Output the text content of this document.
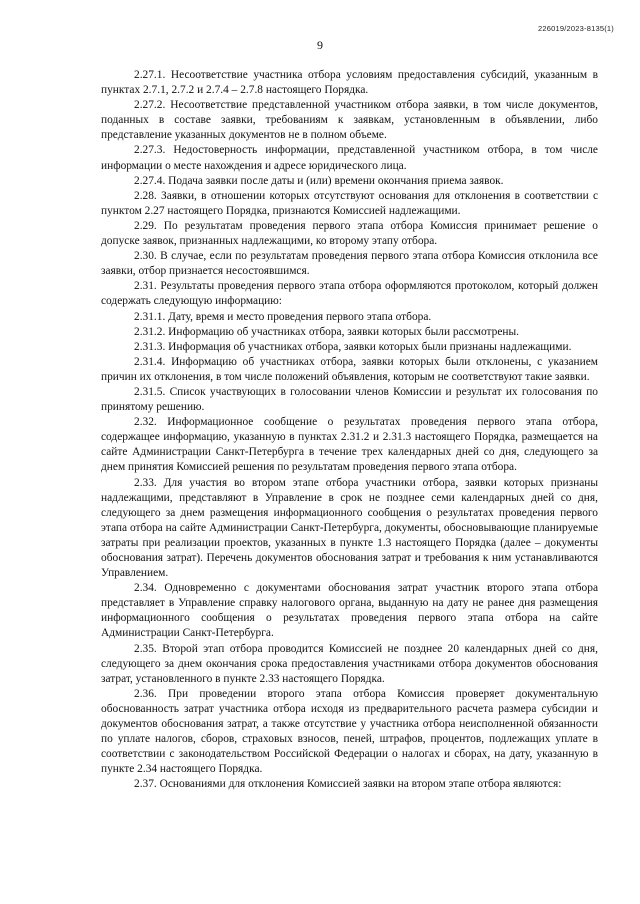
226019/2023-8135(1)
9

2.27.1. Несоответствие участника отбора условиям предоставления субсидий, указанным в пунктах 2.7.1, 2.7.2 и 2.7.4 – 2.7.8 настоящего Порядка.

2.27.2. Несоответствие представленной участником отбора заявки, в том числе документов, поданных в составе заявки, требованиям к заявкам, установленным в объявлении, либо представление указанных документов не в полном объеме.

2.27.3. Недостоверность информации, представленной участником отбора, в том числе информации о месте нахождения и адресе юридического лица.

2.27.4. Подача заявки после даты и (или) времени окончания приема заявок.

2.28. Заявки, в отношении которых отсутствуют основания для отклонения в соответствии с пунктом 2.27 настоящего Порядка, признаются Комиссией надлежащими.

2.29. По результатам проведения первого этапа отбора Комиссия принимает решение о допуске заявок, признанных надлежащими, ко второму этапу отбора.

2.30. В случае, если по результатам проведения первого этапа отбора Комиссия отклонила все заявки, отбор признается несостоявшимся.

2.31. Результаты проведения первого этапа отбора оформляются протоколом, который должен содержать следующую информацию:

2.31.1. Дату, время и место проведения первого этапа отбора.

2.31.2. Информацию об участниках отбора, заявки которых были рассмотрены.

2.31.3. Информация об участниках отбора, заявки которых были признаны надлежащими.

2.31.4. Информацию об участниках отбора, заявки которых были отклонены, с указанием причин их отклонения, в том числе положений объявления, которым не соответствуют такие заявки.

2.31.5. Список участвующих в голосовании членов Комиссии и результат их голосования по принятому решению.

2.32. Информационное сообщение о результатах проведения первого этапа отбора, содержащее информацию, указанную в пунктах 2.31.2 и 2.31.3 настоящего Порядка, размещается на сайте Администрации Санкт-Петербурга в течение трех календарных дней со дня, следующего за днем принятия Комиссией решения по результатам проведения первого этапа отбора.

2.33. Для участия во втором этапе отбора участники отбора, заявки которых признаны надлежащими, представляют в Управление в срок не позднее семи календарных дней со дня, следующего за днем размещения информационного сообщения о результатах проведения первого этапа отбора на сайте Администрации Санкт-Петербурга, документы, обосновывающие планируемые затраты при реализации проектов, указанных в пункте 1.3 настоящего Порядка (далее – документы обоснования затрат). Перечень документов обоснования затрат и требования к ним устанавливаются Управлением.

2.34. Одновременно с документами обоснования затрат участник второго этапа отбора представляет в Управление справку налогового органа, выданную на дату не ранее дня размещения информационного сообщения о результатах проведения первого этапа отбора на сайте Администрации Санкт-Петербурга.

2.35. Второй этап отбора проводится Комиссией не позднее 20 календарных дней со дня, следующего за днем окончания срока предоставления участниками отбора документов обоснования затрат, установленного в пункте 2.33 настоящего Порядка.

2.36. При проведении второго этапа отбора Комиссия проверяет документальную обоснованность затрат участника отбора исходя из предварительного расчета размера субсидии и документов обоснования затрат, а также отсутствие у участника отбора неисполненной обязанности по уплате налогов, сборов, страховых взносов, пеней, штрафов, процентов, подлежащих уплате в соответствии с законодательством Российской Федерации о налогах и сборах, на дату, указанную в пункте 2.34 настоящего Порядка.

2.37. Основаниями для отклонения Комиссией заявки на втором этапе отбора являются:
